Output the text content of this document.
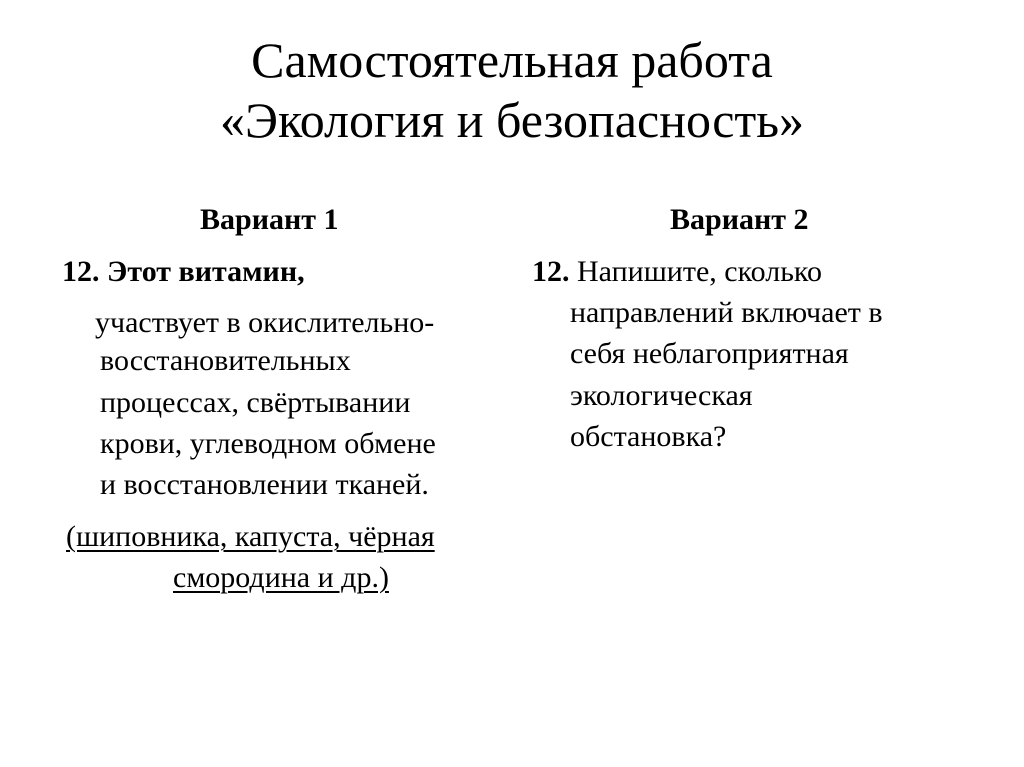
Самостоятельная работа
«Экология и безопасность»
Вариант 1
12. Этот витамин,
участвует в окислительно-
восстановительных
процессах, свёртывании
крови, углеводном обмене
и восстановлении тканей.
(шиповника, капуста, чёрная
смородина и др.)
Вариант 2
12. Напишите, сколько
направлений включает в
себя неблагоприятная
экологическая
обстановка?
